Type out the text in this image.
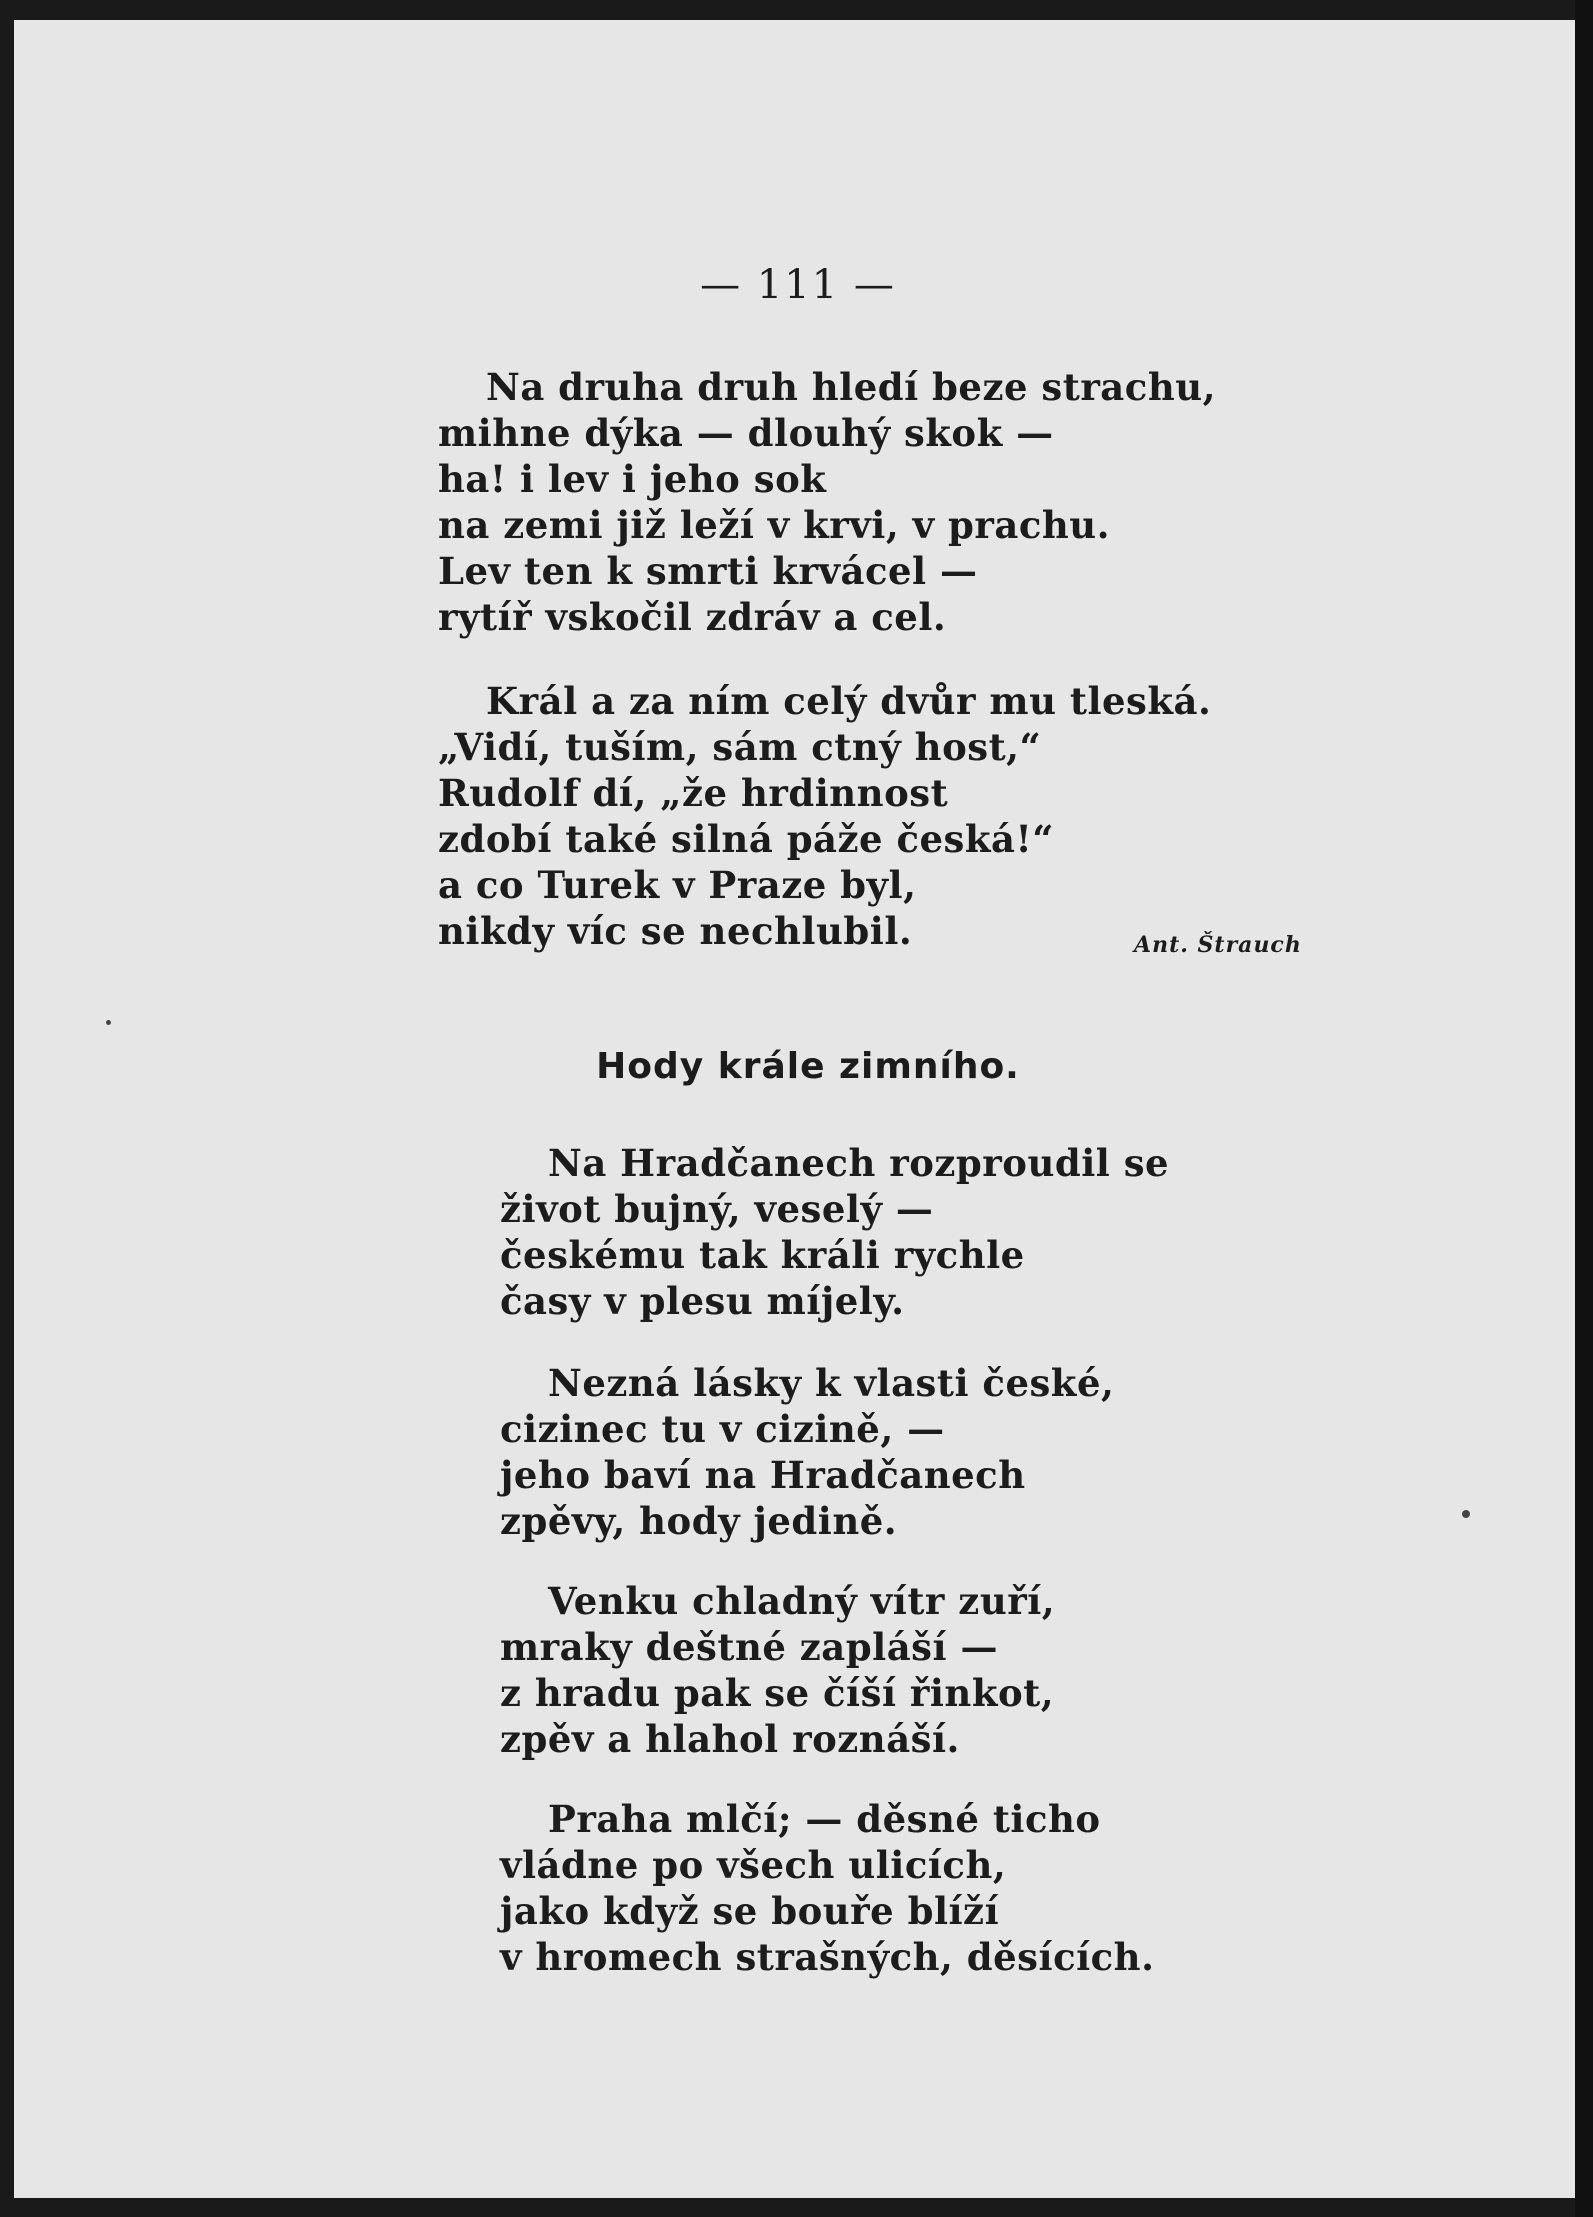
— 111 —
Na druha druh hledí beze strachu,
mihne dýka — dlouhý skok —
ha! i lev i jeho sok
na zemi již leží v krvi, v prachu.
Lev ten k smrti krvácel —
rytíř vskočil zdráv a cel.
Král a za ním celý dvůr mu tleská.
„Vidí, tuším, sám ctný host,“
Rudolf dí, „že hrdinnost
zdobí také silná páže česká!“
a co Turek v Praze byl,
nikdy víc se nechlubil.	Ant. Štrauch
Hody krále zimního.
Na Hradčanech rozproudil se
život bujný, veselý —
českému tak králi rychle
časy v plesu míjely.
Nezná lásky k vlasti české,
cizinec tu v cizině, —
jeho baví na Hradčanech
zpěvy, hody jedině.
Venku chladný vítr zuří,
mraky deštné zapláší —
z hradu pak se číší řinkot,
zpěv a hlahol roznáší.
Praha mlčí; — děsné ticho
vládne po všech ulicích,
jako když se bouře blíží
v hromech strašných, děsících.
